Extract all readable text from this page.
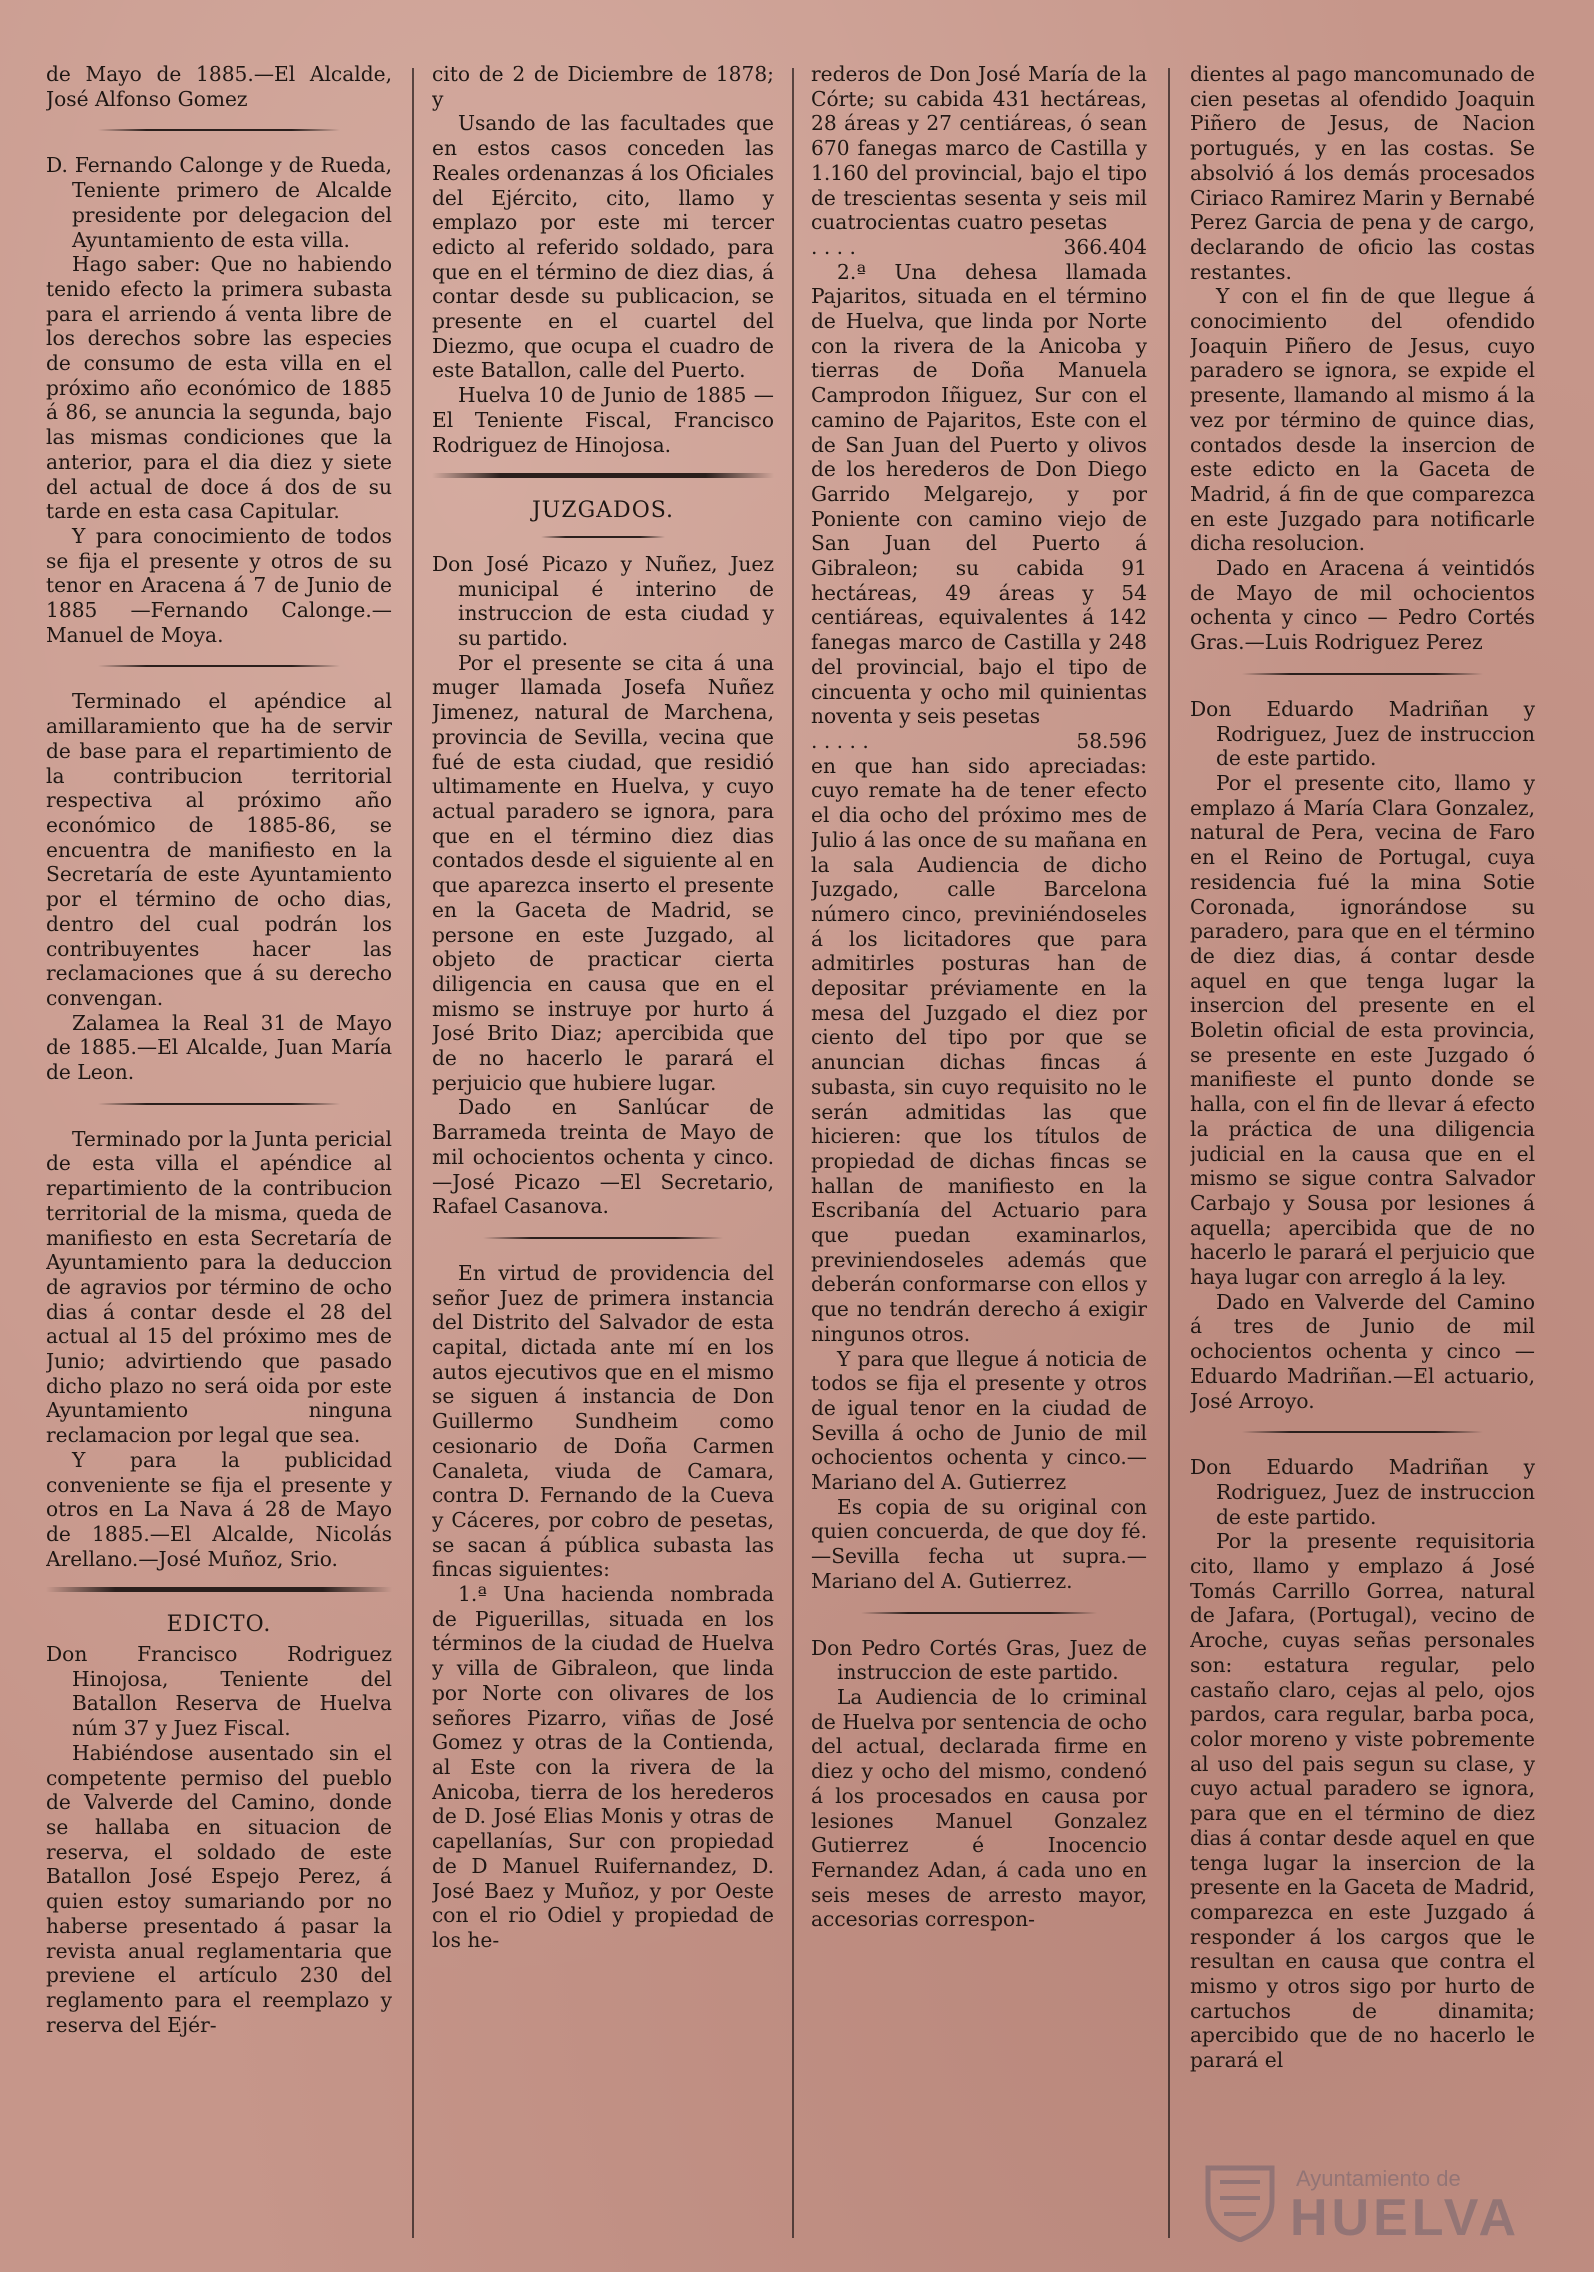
de Mayo de 1885.—El Alcalde, José Alfonso Gomez

D. Fernando Calonge y de Rueda, Teniente primero de Alcalde presidente por delegacion del Ayuntamiento de esta villa.

Hago saber: Que no habiendo tenido efecto la primera subasta para el arriendo á venta libre de los derechos sobre las especies de consumo de esta villa en el próximo año económico de 1885 á 86, se anuncia la segunda, bajo las mismas condiciones que la anterior, para el dia diez y siete del actual de doce á dos de su tarde en esta casa Capitular.

Y para conocimiento de todos se fija el presente y otros de su tenor en Aracena á 7 de Junio de 1885 —Fernando Calonge.—Manuel de Moya.

Terminado el apéndice al amillaramiento que ha de servir de base para el repartimiento de la contribucion territorial respectiva al próximo año económico de 1885-86, se encuentra de manifiesto en la Secretaría de este Ayuntamiento por el término de ocho dias, dentro del cual podrán los contribuyentes hacer las reclamaciones que á su derecho convengan.

Zalamea la Real 31 de Mayo de 1885.—El Alcalde, Juan María de Leon.

Terminado por la Junta pericial de esta villa el apéndice al repartimiento de la contribucion territorial de la misma, queda de manifiesto en esta Secretaría de Ayuntamiento para la deduccion de agravios por término de ocho dias á contar desde el 28 del actual al 15 del próximo mes de Junio; advirtiendo que pasado dicho plazo no será oida por este Ayuntamiento ninguna reclamacion por legal que sea.

Y para la publicidad conveniente se fija el presente y otros en La Nava á 28 de Mayo de 1885.—El Alcalde, Nicolás Arellano.—José Muñoz, Srio.

EDICTO.

Don Francisco Rodriguez Hinojosa, Teniente del Batallon Reserva de Huelva núm 37 y Juez Fiscal.

Habiéndose ausentado sin el competente permiso del pueblo de Valverde del Camino, donde se hallaba en situacion de reserva, el soldado de este Batallon José Espejo Perez, á quien estoy sumariando por no haberse presentado á pasar la revista anual reglamentaria que previene el artículo 230 del reglamento para el reemplazo y reserva del Ejér-

cito de 2 de Diciembre de 1878; y

Usando de las facultades que en estos casos conceden las Reales ordenanzas á los Oficiales del Ejército, cito, llamo y emplazo por este mi tercer edicto al referido soldado, para que en el término de diez dias, á contar desde su publicacion, se presente en el cuartel del Diezmo, que ocupa el cuadro de este Batallon, calle del Puerto.

Huelva 10 de Junio de 1885 —El Teniente Fiscal, Francisco Rodriguez de Hinojosa.

JUZGADOS.

Don José Picazo y Nuñez, Juez municipal é interino de instruccion de esta ciudad y su partido.

Por el presente se cita á una muger llamada Josefa Nuñez Jimenez, natural de Marchena, provincia de Sevilla, vecina que fué de esta ciudad, que residió ultimamente en Huelva, y cuyo actual paradero se ignora, para que en el término diez dias contados desde el siguiente al en que aparezca inserto el presente en la Gaceta de Madrid, se persone en este Juzgado, al objeto de practicar cierta diligencia en causa que en el mismo se instruye por hurto á José Brito Diaz; apercibida que de no hacerlo le parará el perjuicio que hubiere lugar.

Dado en Sanlúcar de Barrameda treinta de Mayo de mil ochocientos ochenta y cinco.—José Picazo —El Secretario, Rafael Casanova.

En virtud de providencia del señor Juez de primera instancia del Distrito del Salvador de esta capital, dictada ante mí en los autos ejecutivos que en el mismo se siguen á instancia de Don Guillermo Sundheim como cesionario de Doña Carmen Canaleta, viuda de Camara, contra D. Fernando de la Cueva y Cáceres, por cobro de pesetas, se sacan á pública subasta las fincas siguientes:

1.ª Una hacienda nombrada de Piguerillas, situada en los términos de la ciudad de Huelva y villa de Gibraleon, que linda por Norte con olivares de los señores Pizarro, viñas de José Gomez y otras de la Contienda, al Este con la rivera de la Anicoba, tierra de los herederos de D. José Elias Monis y otras de capellanías, Sur con propiedad de D Manuel Ruifernandez, D. José Baez y Muñoz, y por Oeste con el rio Odiel y propiedad de los he-

rederos de Don José María de la Córte; su cabida 431 hectáreas, 28 áreas y 27 centiáreas, ó sean 670 fanegas marco de Castilla y 1.160 del provincial, bajo el tipo de trescientas sesenta y seis mil cuatrocientas cuatro pesetas

. . . .	366.404

2.ª Una dehesa llamada Pajaritos, situada en el término de Huelva, que linda por Norte con la rivera de la Anicoba y tierras de Doña Manuela Camprodon Iñiguez, Sur con el camino de Pajaritos, Este con el de San Juan del Puerto y olivos de los herederos de Don Diego Garrido Melgarejo, y por Poniente con camino viejo de San Juan del Puerto á Gibraleon; su cabida 91 hectáreas, 49 áreas y 54 centiáreas, equivalentes á 142 fanegas marco de Castilla y 248 del provincial, bajo el tipo de cincuenta y ocho mil quinientas noventa y seis pesetas

. . . . .	58.596

en que han sido apreciadas: cuyo remate ha de tener efecto el dia ocho del próximo mes de Julio á las once de su mañana en la sala Audiencia de dicho Juzgado, calle Barcelona número cinco, previniéndoseles á los licitadores que para admitirles posturas han de depositar préviamente en la mesa del Juzgado el diez por ciento del tipo por que se anuncian dichas fincas á subasta, sin cuyo requisito no le serán admitidas las que hicieren: que los títulos de propiedad de dichas fincas se hallan de manifiesto en la Escribanía del Actuario para que puedan examinarlos, previniendoseles además que deberán conformarse con ellos y que no tendrán derecho á exigir ningunos otros.

Y para que llegue á noticia de todos se fija el presente y otros de igual tenor en la ciudad de Sevilla á ocho de Junio de mil ochocientos ochenta y cinco.—Mariano del A. Gutierrez

Es copia de su original con quien concuerda, de que doy fé.—Sevilla fecha ut supra.—Mariano del A. Gutierrez.

Don Pedro Cortés Gras, Juez de instruccion de este partido.

La Audiencia de lo criminal de Huelva por sentencia de ocho del actual, declarada firme en diez y ocho del mismo, condenó á los procesados en causa por lesiones Manuel Gonzalez Gutierrez é Inocencio Fernandez Adan, á cada uno en seis meses de arresto mayor, accesorias correspon-

dientes al pago mancomunado de cien pesetas al ofendido Joaquin Piñero de Jesus, de Nacion portugués, y en las costas. Se absolvió á los demás procesados Ciriaco Ramirez Marin y Bernabé Perez Garcia de pena y de cargo, declarando de oficio las costas restantes.

Y con el fin de que llegue á conocimiento del ofendido Joaquin Piñero de Jesus, cuyo paradero se ignora, se expide el presente, llamando al mismo á la vez por término de quince dias, contados desde la insercion de este edicto en la Gaceta de Madrid, á fin de que comparezca en este Juzgado para notificarle dicha resolucion.

Dado en Aracena á veintidós de Mayo de mil ochocientos ochenta y cinco — Pedro Cortés Gras.—Luis Rodriguez Perez

Don Eduardo Madriñan y Rodriguez, Juez de instruccion de este partido.

Por el presente cito, llamo y emplazo á María Clara Gonzalez, natural de Pera, vecina de Faro en el Reino de Portugal, cuya residencia fué la mina Sotie Coronada, ignorándose su paradero, para que en el término de diez dias, á contar desde aquel en que tenga lugar la insercion del presente en el Boletin oficial de esta provincia, se presente en este Juzgado ó manifieste el punto donde se halla, con el fin de llevar á efecto la práctica de una diligencia judicial en la causa que en el mismo se sigue contra Salvador Carbajo y Sousa por lesiones á aquella; apercibida que de no hacerlo le parará el perjuicio que haya lugar con arreglo á la ley.

Dado en Valverde del Camino á tres de Junio de mil ochocientos ochenta y cinco — Eduardo Madriñan.—El actuario, José Arroyo.

Don Eduardo Madriñan y Rodriguez, Juez de instruccion de este partido.

Por la presente requisitoria cito, llamo y emplazo á José Tomás Carrillo Gorrea, natural de Jafara, (Portugal), vecino de Aroche, cuyas señas personales son: estatura regular, pelo castaño claro, cejas al pelo, ojos pardos, cara regular, barba poca, color moreno y viste pobremente al uso del pais segun su clase, y cuyo actual paradero se ignora, para que en el término de diez dias á contar desde aquel en que tenga lugar la insercion de la presente en la Gaceta de Madrid, comparezca en este Juzgado á responder á los cargos que le resultan en causa que contra el mismo y otros sigo por hurto de cartuchos de dinamita; apercibido que de no hacerlo le parará el

Ayuntamiento de
HUELVA
